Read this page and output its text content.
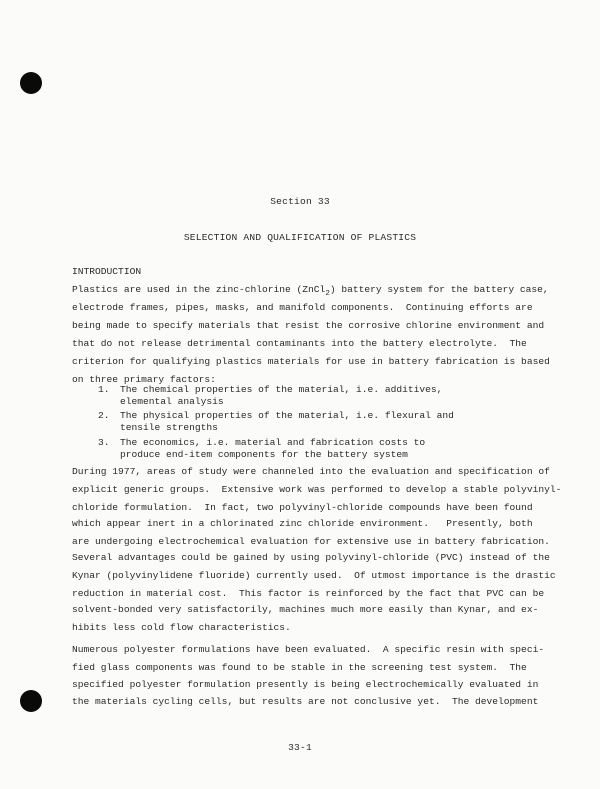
Section 33
SELECTION AND QUALIFICATION OF PLASTICS
INTRODUCTION
Plastics are used in the zinc-chlorine (ZnCl$_2$) battery system for the battery case,
electrode frames, pipes, masks, and manifold components.  Continuing efforts are
being made to specify materials that resist the corrosive chlorine environment and
that do not release detrimental contaminants into the battery electrolyte.  The
criterion for qualifying plastics materials for use in battery fabrication is based
on three primary factors:
1. The chemical properties of the material, i.e. additives,
elemental analysis
2. The physical properties of the material, i.e. flexural and
tensile strengths
3. The economics, i.e. material and fabrication costs to
produce end-item components for the battery system
During 1977, areas of study were channeled into the evaluation and specification of
explicit generic groups.  Extensive work was performed to develop a stable polyvinyl-
chloride formulation.  In fact, two polyvinyl-chloride compounds have been found
which appear inert in a chlorinated zinc chloride environment.   Presently, both
are undergoing electrochemical evaluation for extensive use in battery fabrication.
Several advantages could be gained by using polyvinyl-chloride (PVC) instead of the
Kynar (polyvinylidene fluoride) currently used.  Of utmost importance is the drastic
reduction in material cost.  This factor is reinforced by the fact that PVC can be
solvent-bonded very satisfactorily, machines much more easily than Kynar, and ex-
hibits less cold flow characteristics.
Numerous polyester formulations have been evaluated.  A specific resin with speci-
fied glass components was found to be stable in the screening test system.  The
specified polyester formulation presently is being electrochemically evaluated in
the materials cycling cells, but results are not conclusive yet.  The development
33-1
